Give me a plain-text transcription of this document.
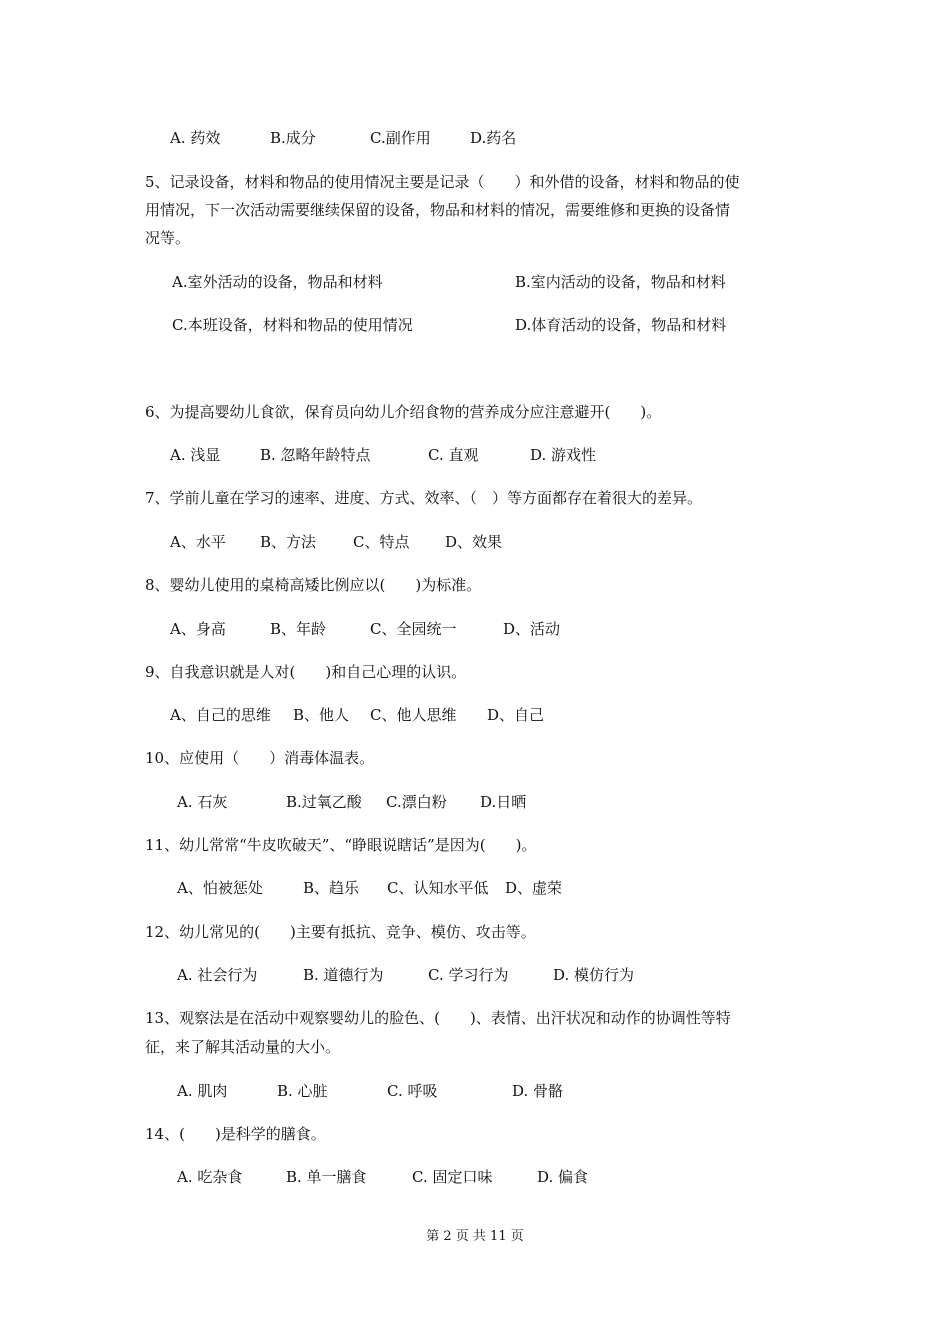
A. 药效	B.成分	C.副作用	D.药名
5、记录设备，材料和物品的使用情况主要是记录（　　）和外借的设备，材料和物品的使
用情况，下一次活动需要继续保留的设备，物品和材料的情况，需要维修和更换的设备情
况等。
A.室外活动的设备，物品和材料	B.室内活动的设备，物品和材料
C.本班设备，材料和物品的使用情况	D.体育活动的设备，物品和材料
6、为提高婴幼儿食欲，保育员向幼儿介绍食物的营养成分应注意避开(　　)。
A. 浅显	B. 忽略年龄特点	C. 直观	D. 游戏性
7、学前儿童在学习的速率、进度、方式、效率、（　）等方面都存在着很大的差异。
A、水平 B、方法 C、特点 D、效果
8、婴幼儿使用的桌椅高矮比例应以(　　)为标准。
A、身高	B、年龄	C、全园统一	D、活动
9、自我意识就是人对(　　)和自己心理的认识。
A、自己的思维 B、他人 C、他人思维 D、自己
10、应使用（　　）消毒体温表。
A. 石灰	B.过氧乙酸 C.漂白粉 D.日晒
11、幼儿常常“牛皮吹破天”、“睁眼说瞎话”是因为(　　)。
A、怕被惩处	B、趋乐 C、认知水平低 D、虚荣
12、幼儿常见的(　　)主要有抵抗、竞争、模仿、攻击等。
A. 社会行为	B. 道德行为	C. 学习行为	D. 模仿行为
13、观察法是在活动中观察婴幼儿的脸色、(　　)、表情、出汗状况和动作的协调性等特
征，来了解其活动量的大小。
A. 肌肉	B. 心脏	C. 呼吸	D. 骨骼
14、(　　)是科学的膳食。
A. 吃杂食	B. 单一膳食	C. 固定口味	D. 偏食
第 2 页 共 11 页
